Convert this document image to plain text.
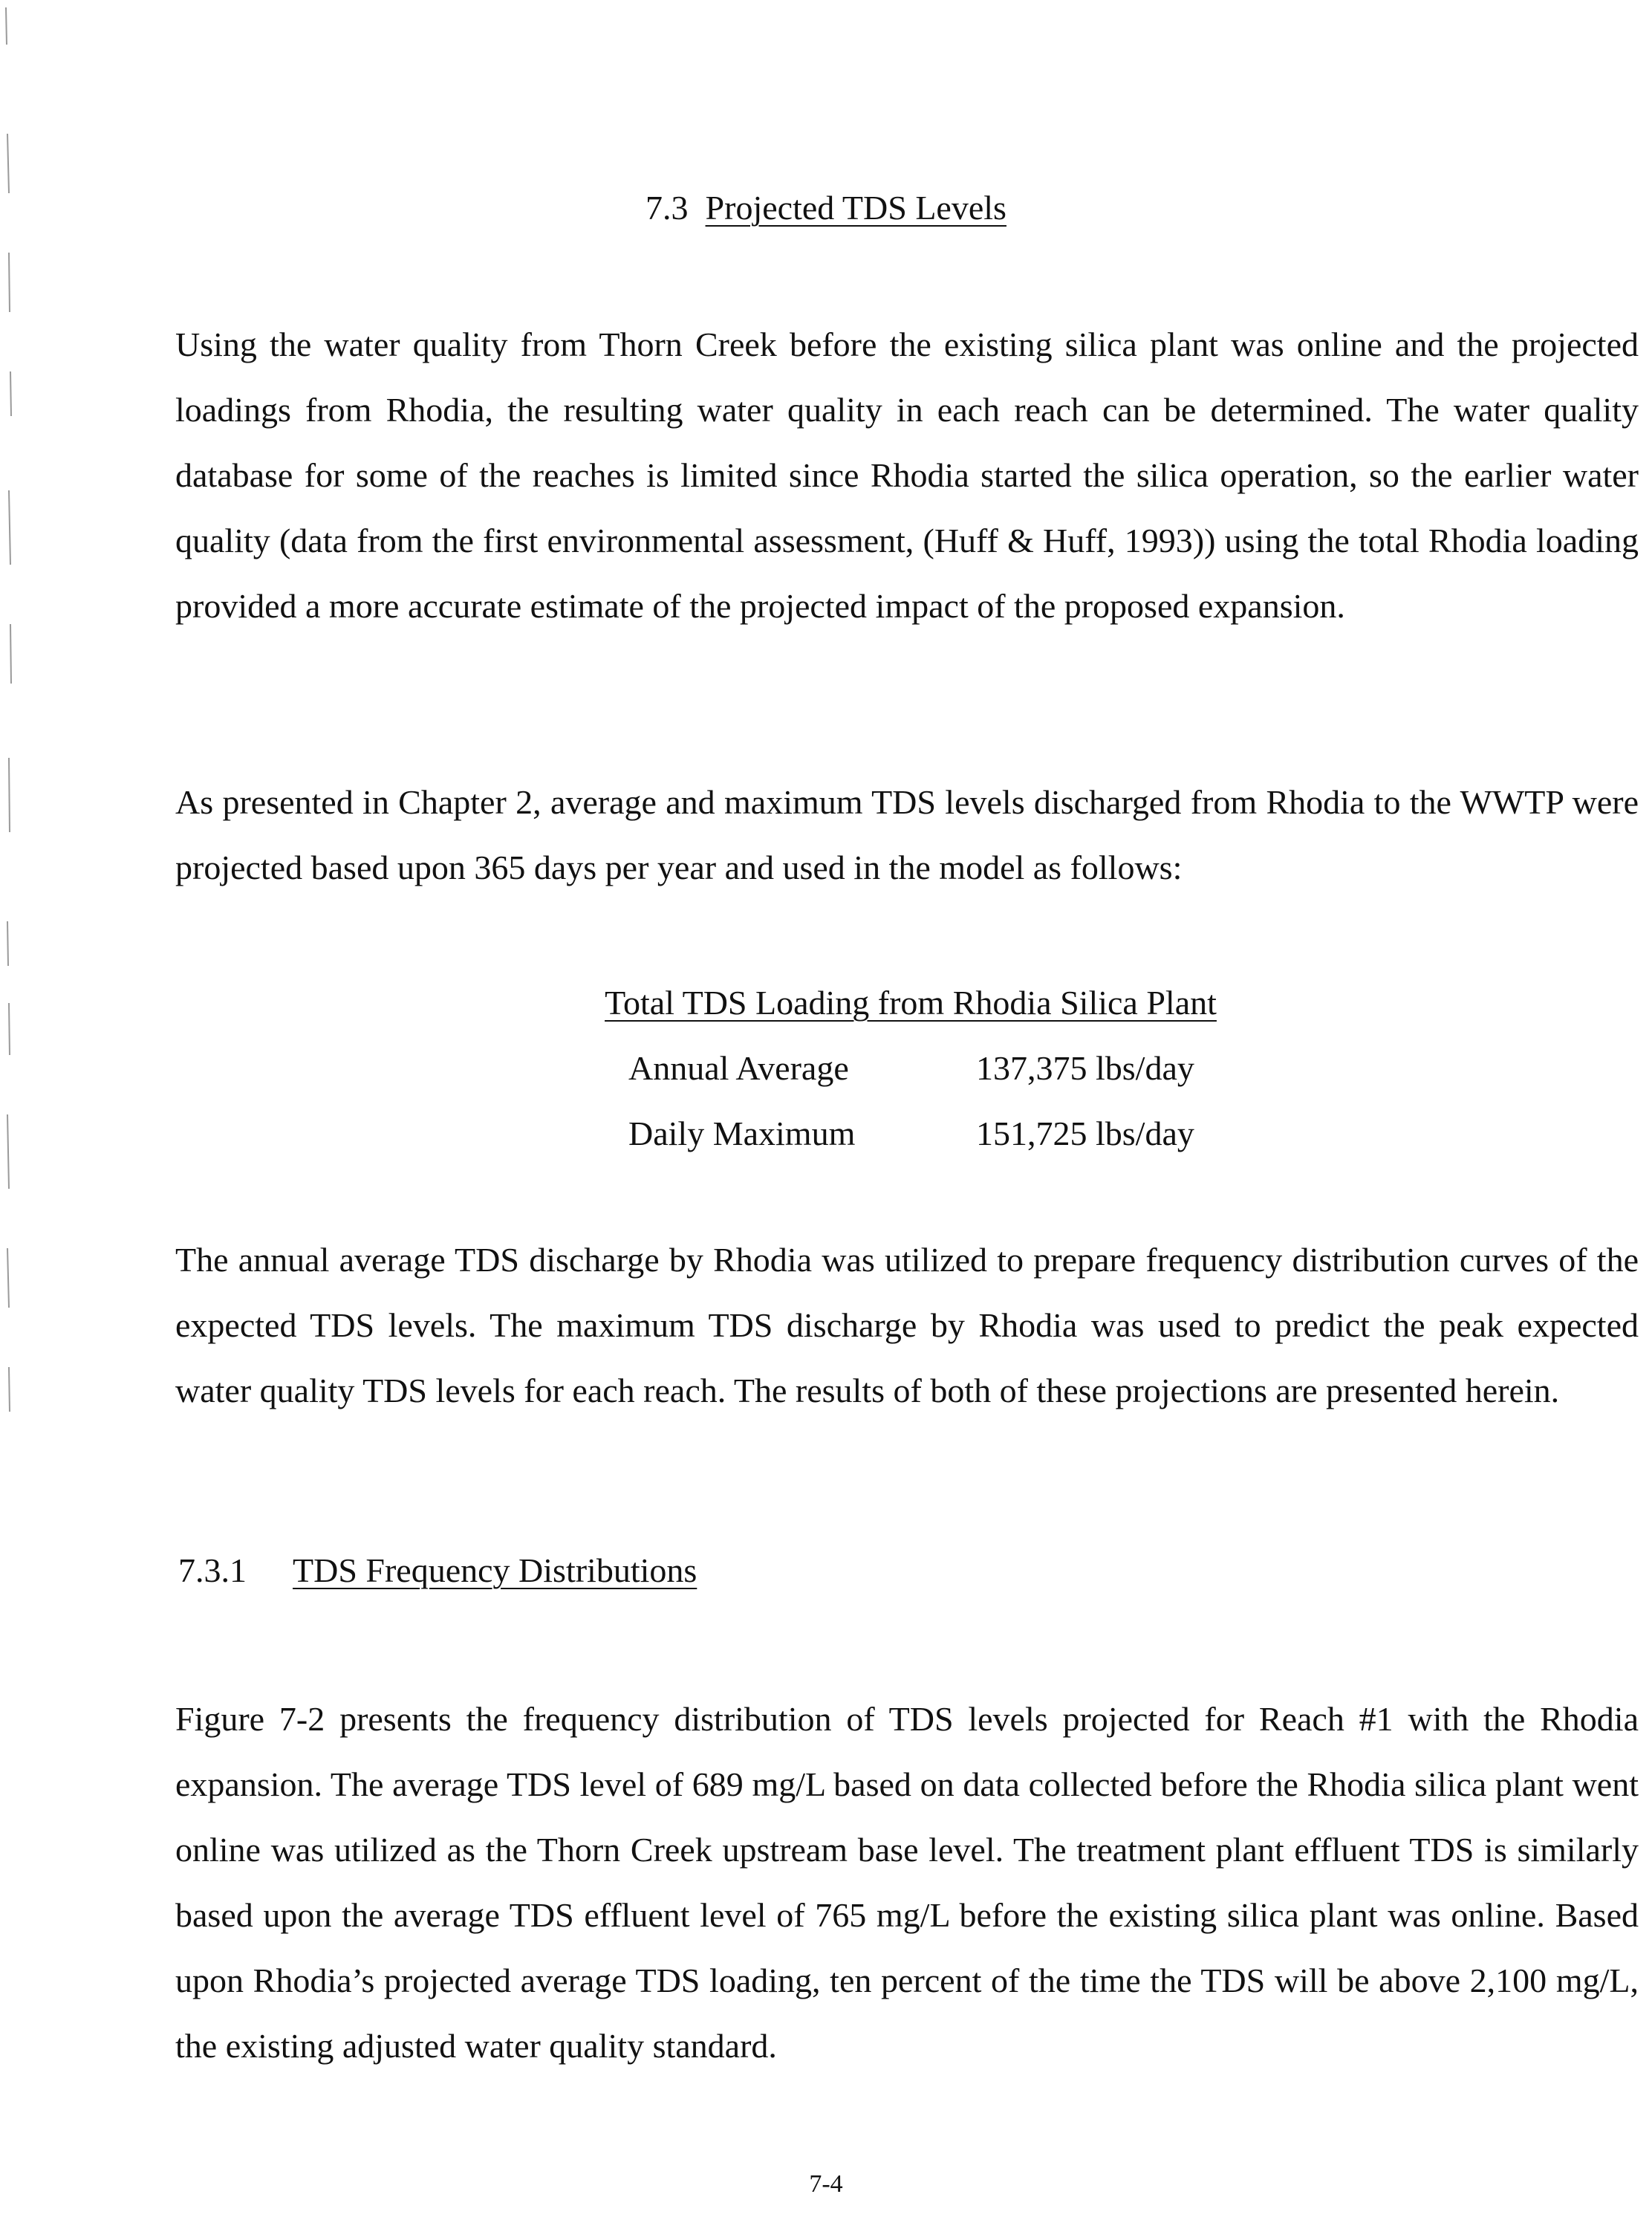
7.3 Projected TDS Levels

Using the water quality from Thorn Creek before the existing silica plant was online and the projected loadings from Rhodia, the resulting water quality in each reach can be determined. The water quality database for some of the reaches is limited since Rhodia started the silica operation, so the earlier water quality (data from the first environmental assessment, (Huff & Huff, 1993)) using the total Rhodia loading provided a more accurate estimate of the projected impact of the proposed expansion.

As presented in Chapter 2, average and maximum TDS levels discharged from Rhodia to the WWTP were projected based upon 365 days per year and used in the model as follows:

Total TDS Loading from Rhodia Silica Plant
Annual Average	137,375 lbs/day
Daily Maximum	151,725 lbs/day

The annual average TDS discharge by Rhodia was utilized to prepare frequency distribution curves of the expected TDS levels. The maximum TDS discharge by Rhodia was used to predict the peak expected water quality TDS levels for each reach. The results of both of these projections are presented herein.

7.3.1 TDS Frequency Distributions

Figure 7-2 presents the frequency distribution of TDS levels projected for Reach #1 with the Rhodia expansion. The average TDS level of 689 mg/L based on data collected before the Rhodia silica plant went online was utilized as the Thorn Creek upstream base level. The treatment plant effluent TDS is similarly based upon the average TDS effluent level of 765 mg/L before the existing silica plant was online. Based upon Rhodia’s projected average TDS loading, ten percent of the time the TDS will be above 2,100 mg/L, the existing adjusted water quality standard.

7-4
